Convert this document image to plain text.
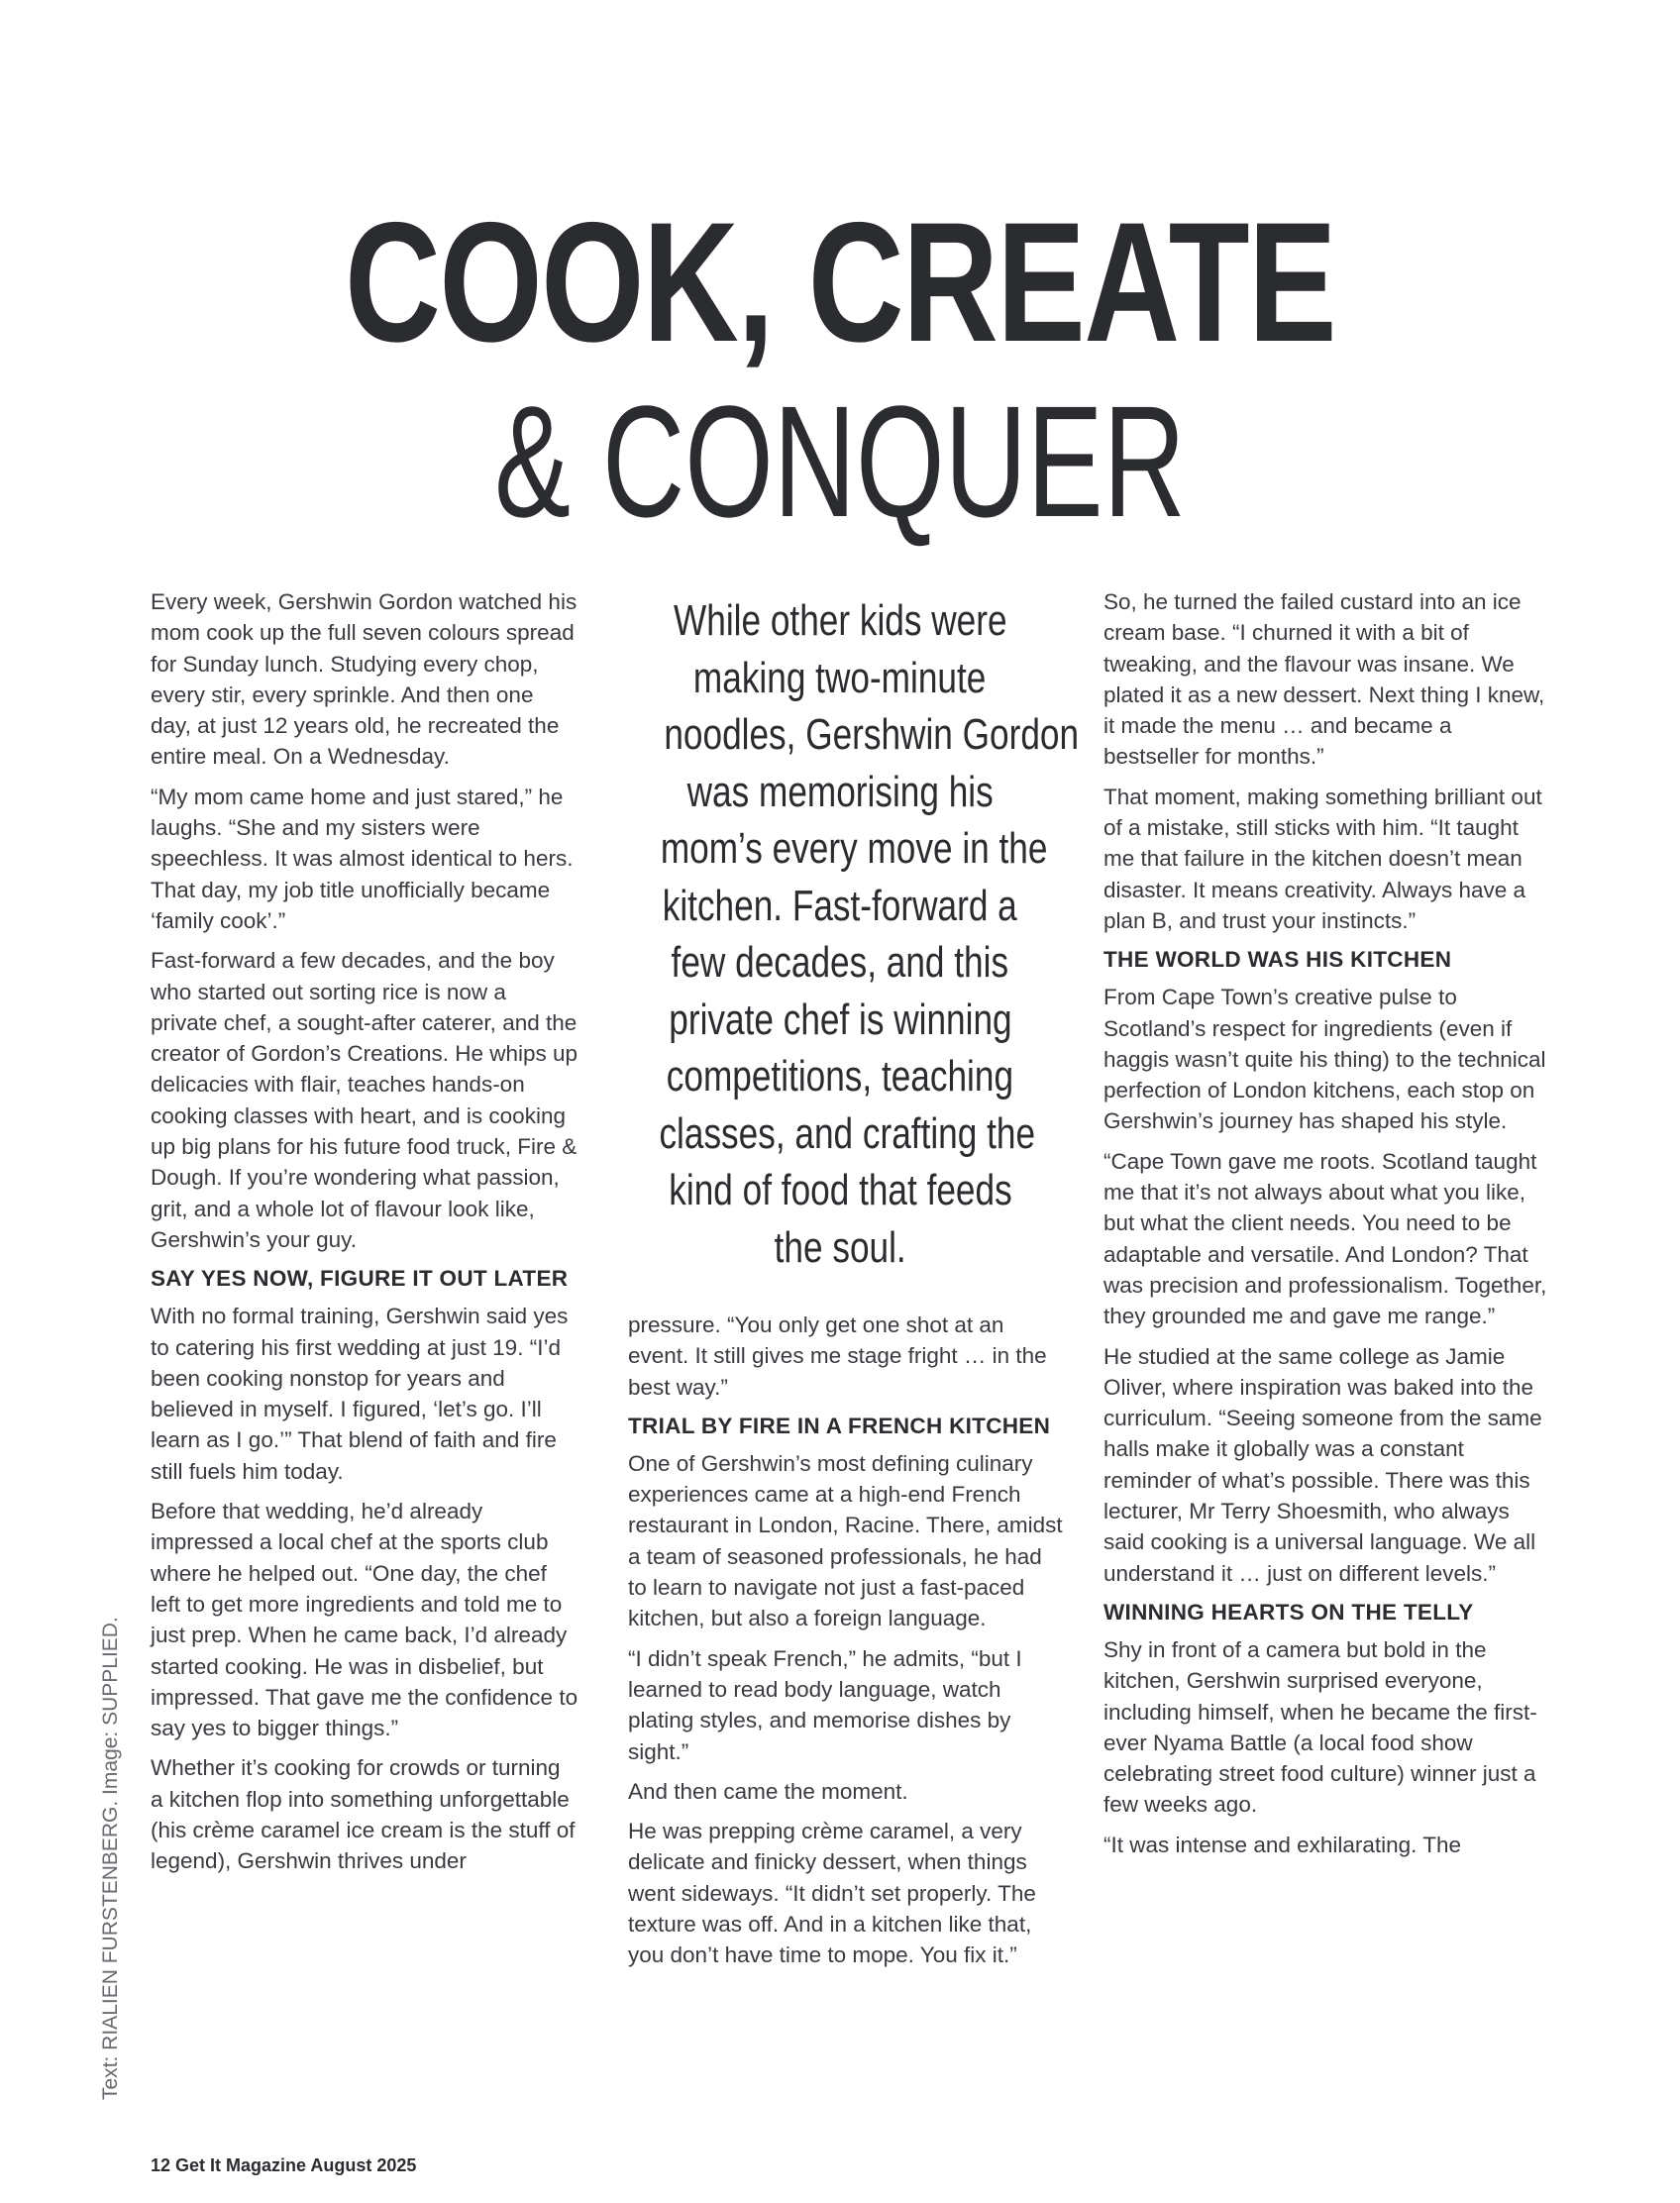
COOK, CREATE
& CONQUER

Every week, Gershwin Gordon watched his mom cook up the full seven colours spread for Sunday lunch. Studying every chop, every stir, every sprinkle. And then one day, at just 12 years old, he recreated the entire meal. On a Wednesday.

“My mom came home and just stared,” he laughs. “She and my sisters were speechless. It was almost identical to hers. That day, my job title unofficially became ‘family cook’.”

Fast-forward a few decades, and the boy who started out sorting rice is now a private chef, a sought-after caterer, and the creator of Gordon’s Creations. He whips up delicacies with flair, teaches hands-on cooking classes with heart, and is cooking up big plans for his future food truck, Fire & Dough. If you’re wondering what passion, grit, and a whole lot of flavour look like, Gershwin’s your guy.

SAY YES NOW, FIGURE IT OUT LATER

With no formal training, Gershwin said yes to catering his first wedding at just 19. “I’d been cooking nonstop for years and believed in myself. I figured, ‘let’s go. I’ll learn as I go.’” That blend of faith and fire still fuels him today.

Before that wedding, he’d already impressed a local chef at the sports club where he helped out. “One day, the chef left to get more ingredients and told me to just prep. When he came back, I’d already started cooking. He was in disbelief, but impressed. That gave me the confidence to say yes to bigger things.”

Whether it’s cooking for crowds or turning a kitchen flop into something unforgettable (his crème caramel ice cream is the stuff of legend), Gershwin thrives under

While other kids were
making two-minute
noodles, Gershwin Gordon
was memorising his
mom’s every move in the
kitchen. Fast-forward a
few decades, and this
private chef is winning
competitions, teaching
classes, and crafting the
kind of food that feeds
the soul.

pressure. “You only get one shot at an event. It still gives me stage fright … in the best way.”

TRIAL BY FIRE IN A FRENCH KITCHEN

One of Gershwin’s most defining culinary experiences came at a high-end French restaurant in London, Racine. There, amidst a team of seasoned professionals, he had to learn to navigate not just a fast-paced kitchen, but also a foreign language.

“I didn’t speak French,” he admits, “but I learned to read body language, watch plating styles, and memorise dishes by sight.”

And then came the moment.

He was prepping crème caramel, a very delicate and finicky dessert, when things went sideways. “It didn’t set properly. The texture was off. And in a kitchen like that, you don’t have time to mope. You fix it.”

So, he turned the failed custard into an ice cream base. “I churned it with a bit of tweaking, and the flavour was insane. We plated it as a new dessert. Next thing I knew, it made the menu … and became a bestseller for months.”

That moment, making something brilliant out of a mistake, still sticks with him. “It taught me that failure in the kitchen doesn’t mean disaster. It means creativity. Always have a plan B, and trust your instincts.”

THE WORLD WAS HIS KITCHEN

From Cape Town’s creative pulse to Scotland’s respect for ingredients (even if haggis wasn’t quite his thing) to the technical perfection of London kitchens, each stop on Gershwin’s journey has shaped his style.

“Cape Town gave me roots. Scotland taught me that it’s not always about what you like, but what the client needs. You need to be adaptable and versatile. And London? That was precision and professionalism. Together, they grounded me and gave me range.”

He studied at the same college as Jamie Oliver, where inspiration was baked into the curriculum. “Seeing someone from the same halls make it globally was a constant reminder of what’s possible. There was this lecturer, Mr Terry Shoesmith, who always said cooking is a universal language. We all understand it … just on different levels.”

WINNING HEARTS ON THE TELLY

Shy in front of a camera but bold in the kitchen, Gershwin surprised everyone, including himself, when he became the first-ever Nyama Battle (a local food show celebrating street food culture) winner just a few weeks ago.

“It was intense and exhilarating. The

Text: RIALIEN FURSTENBERG. Image: SUPPLIED.
12 Get It Magazine August 2025
